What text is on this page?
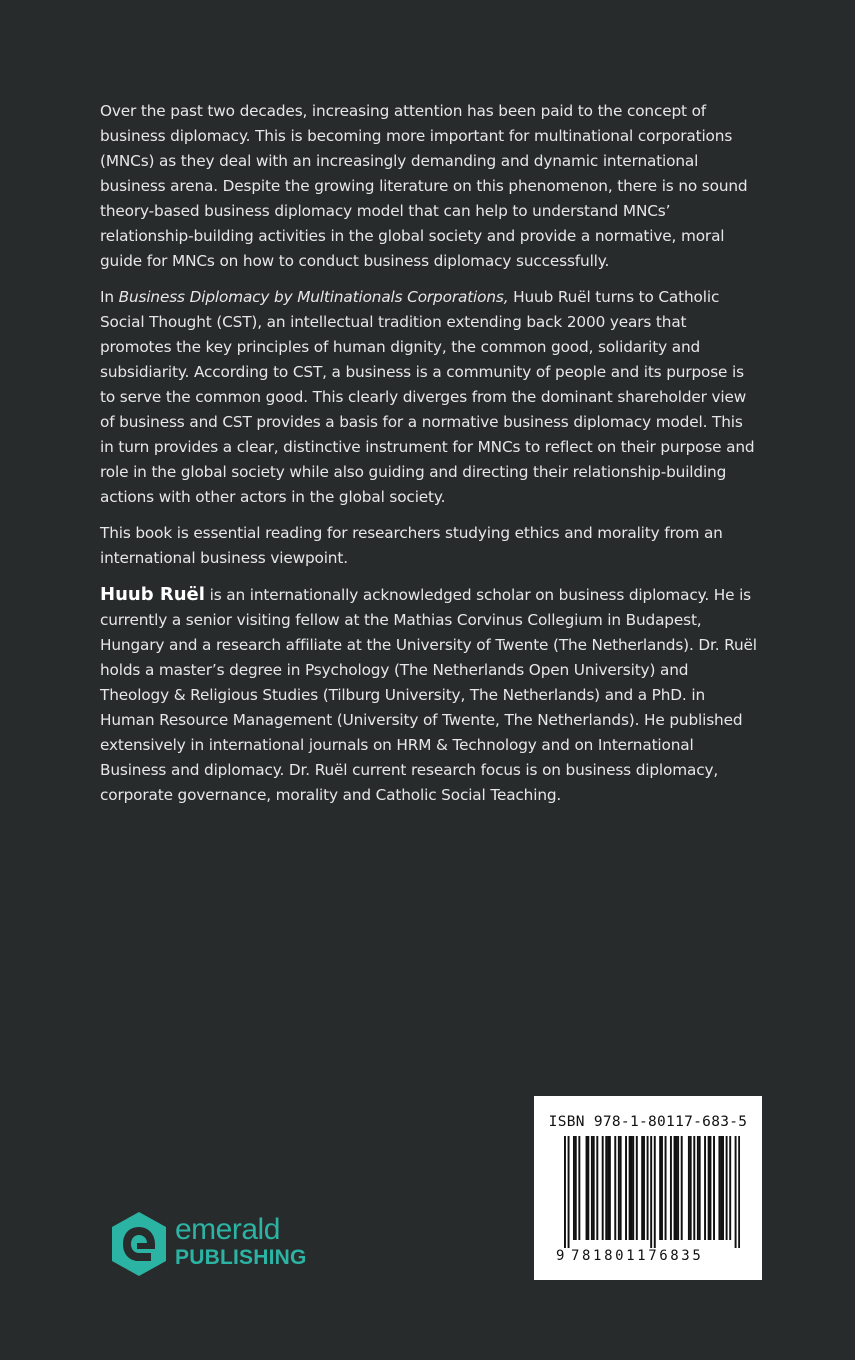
Over the past two decades, increasing attention has been paid to the concept of business diplomacy. This is becoming more important for multinational corporations (MNCs) as they deal with an increasingly demanding and dynamic international business arena. Despite the growing literature on this phenomenon, there is no sound theory-based business diplomacy model that can help to understand MNCs’ relationship-building activities in the global society and provide a normative, moral guide for MNCs on how to conduct business diplomacy successfully.

In Business Diplomacy by Multinationals Corporations, Huub Ruël turns to Catholic Social Thought (CST), an intellectual tradition extending back 2000 years that promotes the key principles of human dignity, the common good, solidarity and subsidiarity. According to CST, a business is a community of people and its purpose is to serve the common good. This clearly diverges from the dominant shareholder view of business and CST provides a basis for a normative business diplomacy model. This in turn provides a clear, distinctive instrument for MNCs to reflect on their purpose and role in the global society while also guiding and directing their relationship-building actions with other actors in the global society.

This book is essential reading for researchers studying ethics and morality from an international business viewpoint.

Huub Ruël is an internationally acknowledged scholar on business diplomacy. He is currently a senior visiting fellow at the Mathias Corvinus Collegium in Budapest, Hungary and a research affiliate at the University of Twente (The Netherlands). Dr. Ruël holds a master’s degree in Psychology (The Netherlands Open University) and Theology & Religious Studies (Tilburg University, The Netherlands) and a PhD. in Human Resource Management (University of Twente, The Netherlands). He published extensively in international journals on HRM & Technology and on International Business and diplomacy. Dr. Ruël current research focus is on business diplomacy, corporate governance, morality and Catholic Social Teaching.

ISBN 978-1-80117-683-5
9 781801176835
emerald
PUBLISHING
